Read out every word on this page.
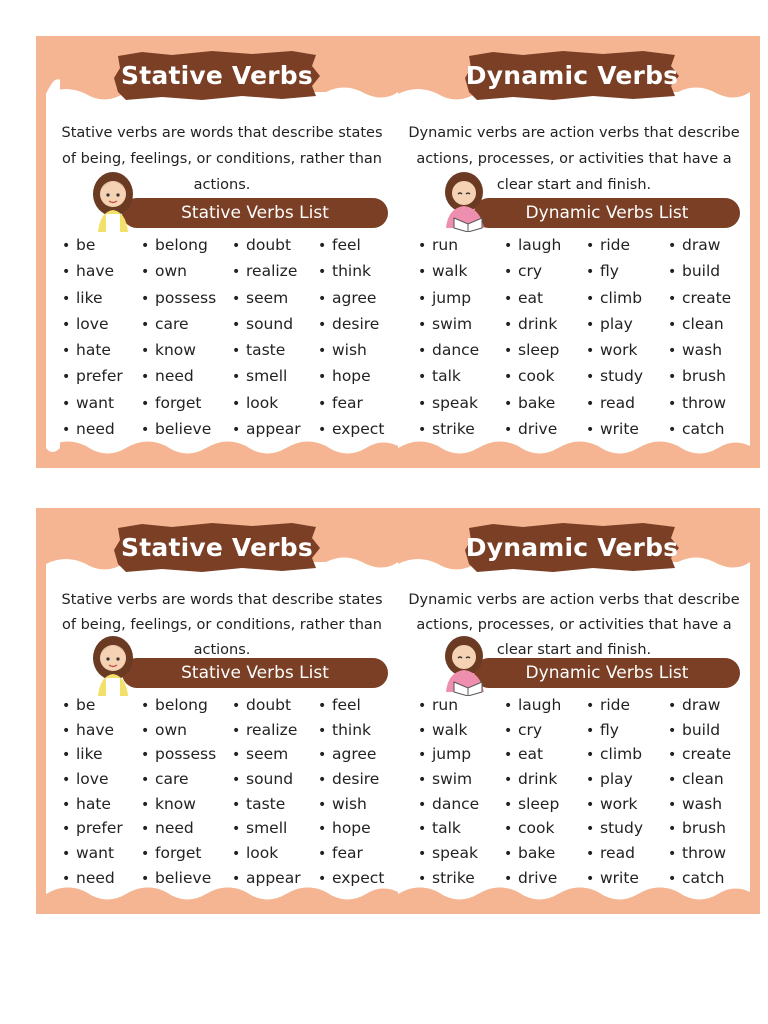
Stative Verbs
Stative verbs are words that describe states of being, feelings, or conditions, rather than actions.
Stative Verbs List
• be
• have
• like
• love
• hate
• prefer
• want
• need
• belong
• own
• possess
• care
• know
• need
• forget
• believe
• doubt
• realize
• seem
• sound
• taste
• smell
• look
• appear
• feel
• think
• agree
• desire
• wish
• hope
• fear
• expect
Dynamic Verbs
Dynamic verbs are action verbs that describe actions, processes, or activities that have a clear start and finish.
Dynamic Verbs List
• run
• walk
• jump
• swim
• dance
• talk
• speak
• strike
• laugh
• cry
• eat
• drink
• sleep
• cook
• bake
• drive
• ride
• fly
• climb
• play
• work
• study
• read
• write
• draw
• build
• create
• clean
• wash
• brush
• throw
• catch
Stative Verbs
Stative verbs are words that describe states of being, feelings, or conditions, rather than actions.
Stative Verbs List
• be
• have
• like
• love
• hate
• prefer
• want
• need
• belong
• own
• possess
• care
• know
• need
• forget
• believe
• doubt
• realize
• seem
• sound
• taste
• smell
• look
• appear
• feel
• think
• agree
• desire
• wish
• hope
• fear
• expect
Dynamic Verbs
Dynamic verbs are action verbs that describe actions, processes, or activities that have a clear start and finish.
Dynamic Verbs List
• run
• walk
• jump
• swim
• dance
• talk
• speak
• strike
• laugh
• cry
• eat
• drink
• sleep
• cook
• bake
• drive
• ride
• fly
• climb
• play
• work
• study
• read
• write
• draw
• build
• create
• clean
• wash
• brush
• throw
• catch
